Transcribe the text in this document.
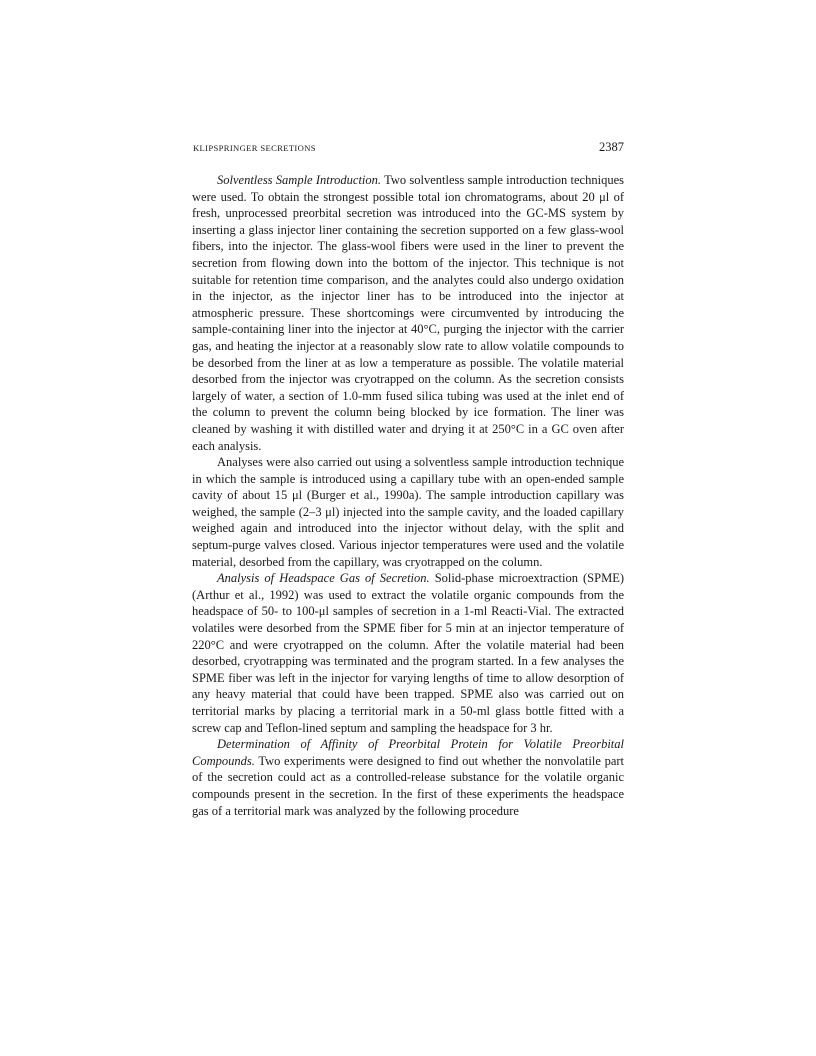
KLIPSPRINGER SECRETIONS	2387

Solventless Sample Introduction. Two solventless sample introduction techniques were used. To obtain the strongest possible total ion chromatograms, about 20 μl of fresh, unprocessed preorbital secretion was introduced into the GC-MS system by inserting a glass injector liner containing the secretion supported on a few glass-wool fibers, into the injector. The glass-wool fibers were used in the liner to prevent the secretion from flowing down into the bottom of the injector. This technique is not suitable for retention time comparison, and the analytes could also undergo oxidation in the injector, as the injector liner has to be introduced into the injector at atmospheric pressure. These shortcomings were circumvented by introducing the sample-containing liner into the injector at 40°C, purging the injector with the carrier gas, and heating the injector at a reasonably slow rate to allow volatile compounds to be desorbed from the liner at as low a temperature as possible. The volatile material desorbed from the injector was cryotrapped on the column. As the secretion consists largely of water, a section of 1.0-mm fused silica tubing was used at the inlet end of the column to prevent the column being blocked by ice formation. The liner was cleaned by washing it with distilled water and drying it at 250°C in a GC oven after each analysis.

Analyses were also carried out using a solventless sample introduction technique in which the sample is introduced using a capillary tube with an open-ended sample cavity of about 15 μl (Burger et al., 1990a). The sample introduction capillary was weighed, the sample (2–3 μl) injected into the sample cavity, and the loaded capillary weighed again and introduced into the injector without delay, with the split and septum-purge valves closed. Various injector temperatures were used and the volatile material, desorbed from the capillary, was cryotrapped on the column.

Analysis of Headspace Gas of Secretion. Solid-phase microextraction (SPME) (Arthur et al., 1992) was used to extract the volatile organic compounds from the headspace of 50- to 100-μl samples of secretion in a 1-ml Reacti-Vial. The extracted volatiles were desorbed from the SPME fiber for 5 min at an injector temperature of 220°C and were cryotrapped on the column. After the volatile material had been desorbed, cryotrapping was terminated and the program started. In a few analyses the SPME fiber was left in the injector for varying lengths of time to allow desorption of any heavy material that could have been trapped. SPME also was carried out on territorial marks by placing a territorial mark in a 50-ml glass bottle fitted with a screw cap and Teflon-lined septum and sampling the headspace for 3 hr.

Determination of Affinity of Preorbital Protein for Volatile Preorbital Compounds. Two experiments were designed to find out whether the nonvolatile part of the secretion could act as a controlled-release substance for the volatile organic compounds present in the secretion. In the first of these experiments the headspace gas of a territorial mark was analyzed by the following procedure
